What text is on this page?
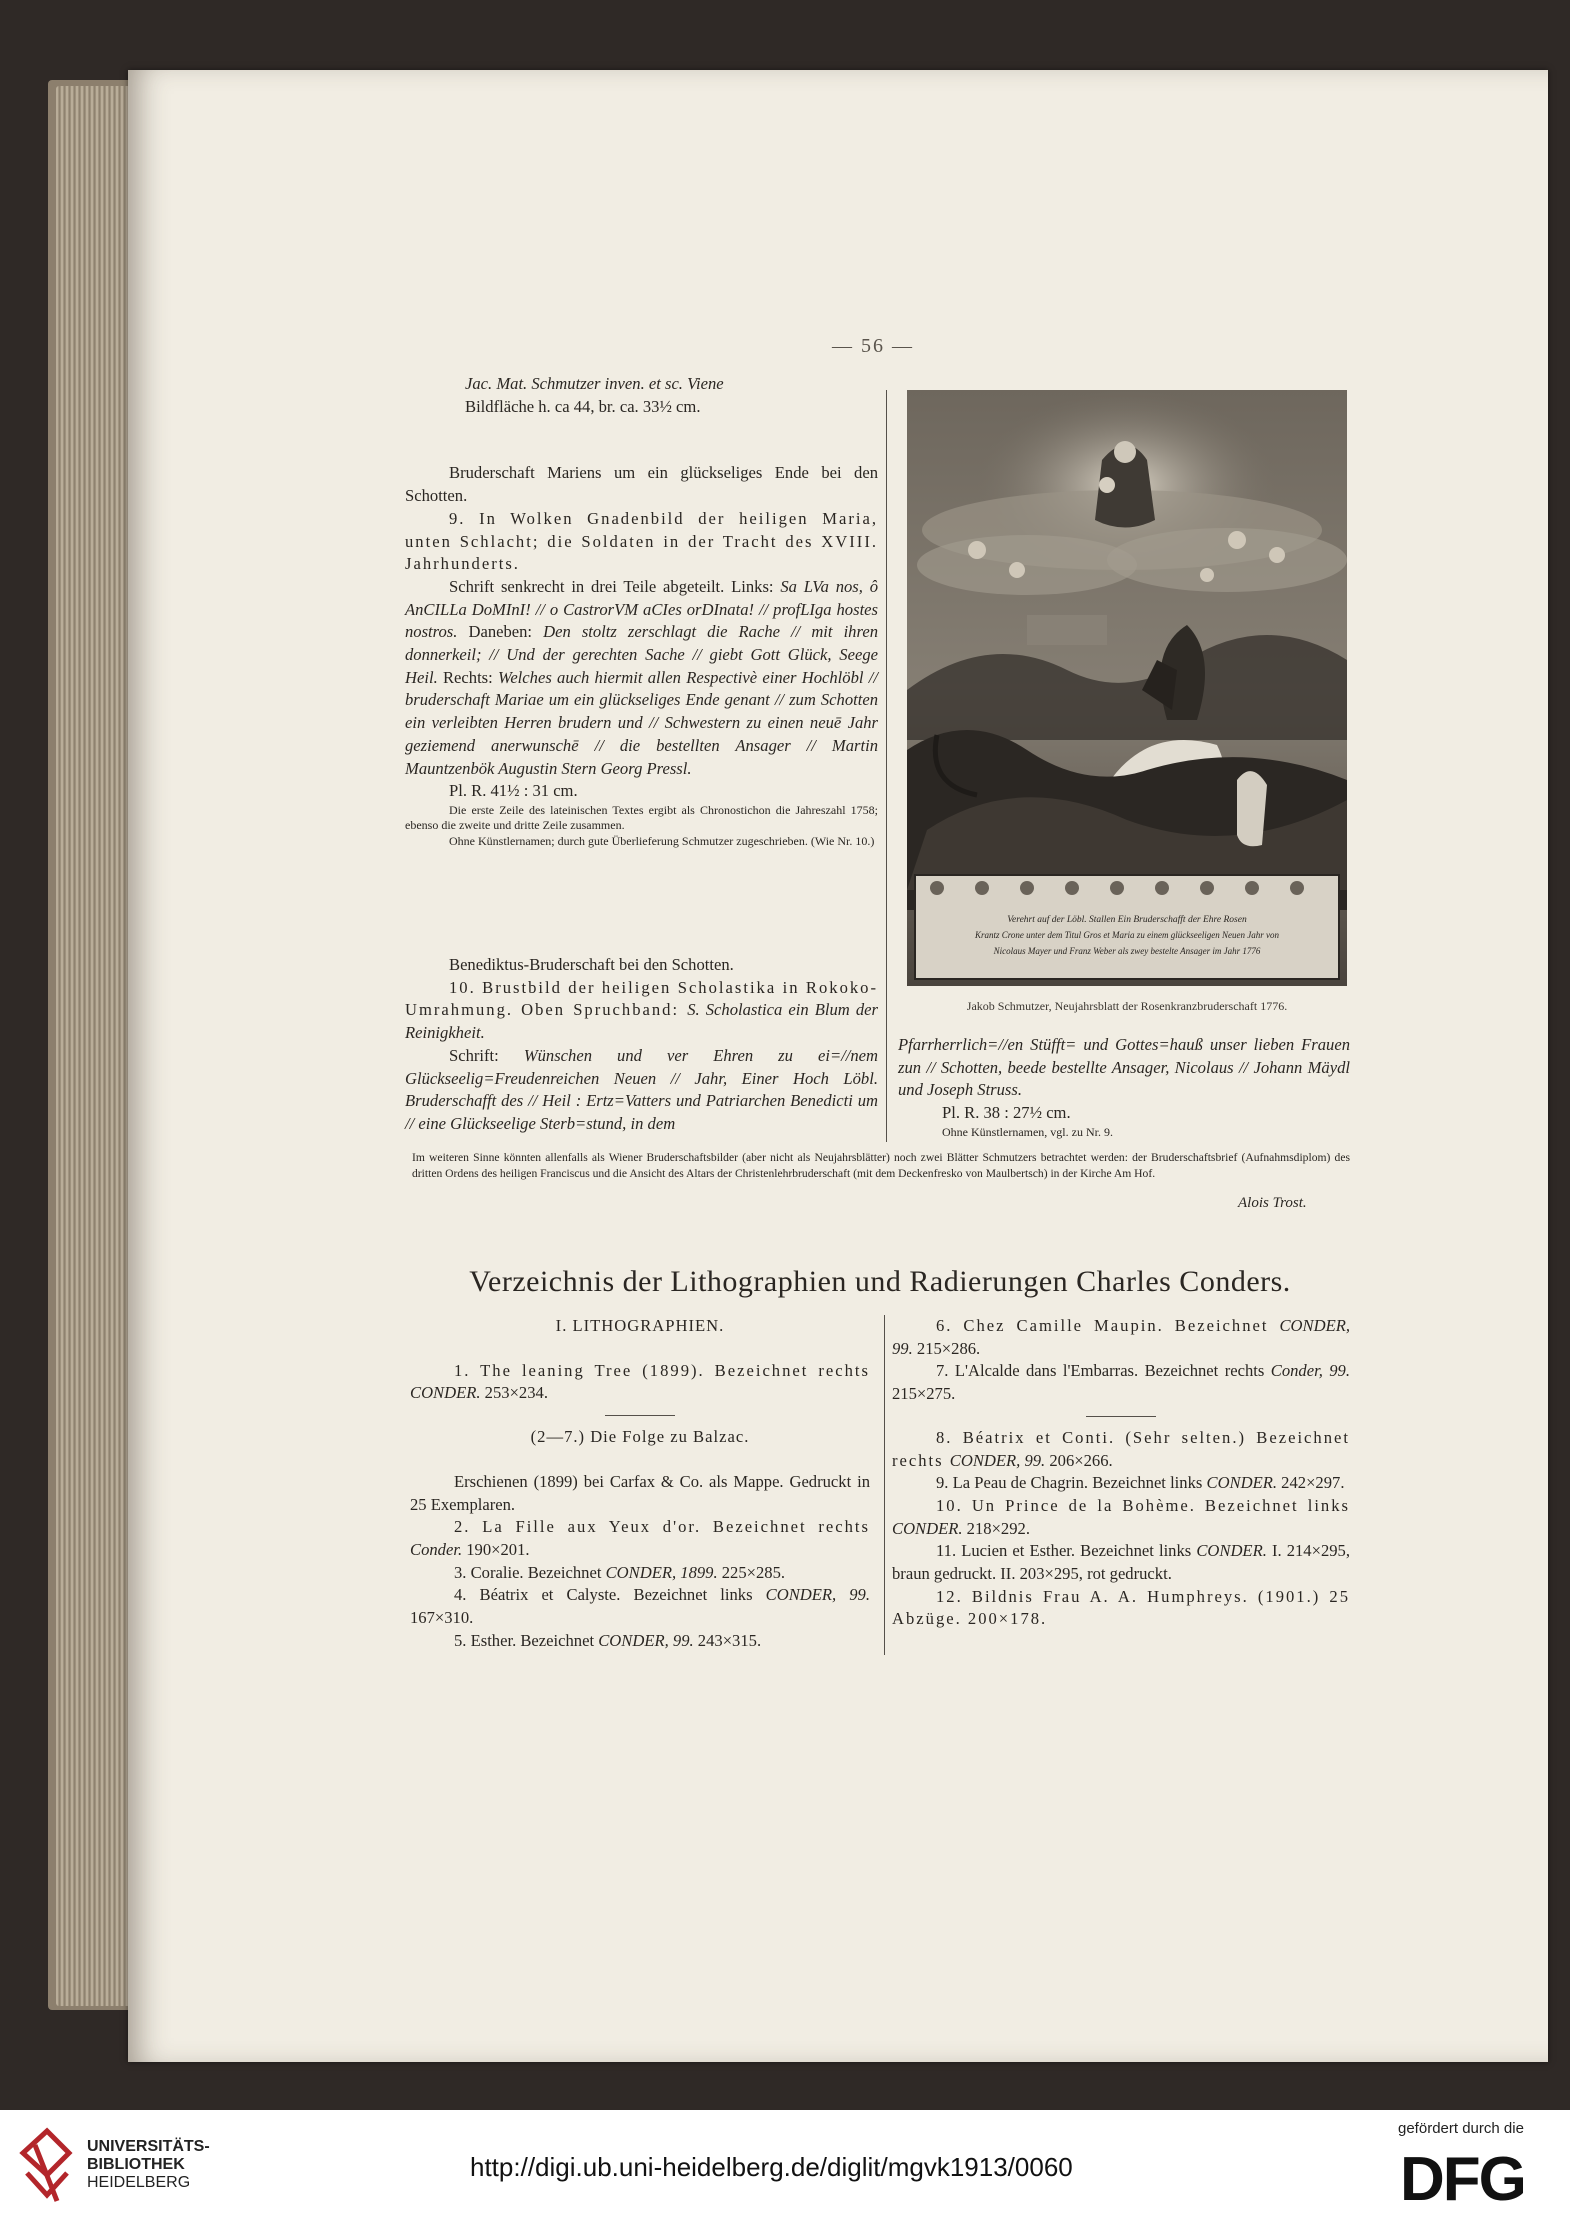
— 56 —

Jac. Mat. Schmutzer inven. et sc. Viene

Bildfläche h. ca 44, br. ca. 33½ cm.

Bruderschaft Mariens um ein glückseliges Ende bei den Schotten.

9. In Wolken Gnadenbild der heiligen Maria, unten Schlacht; die Soldaten in der Tracht des XVIII. Jahrhunderts.

Schrift senkrecht in drei Teile abgeteilt. Links: Sa LVa nos, ô AnCILLa DoMInI! // o CastrorVM aCIes orDInata! // profLIga hostes nostros. Daneben: Den stoltz zerschlagt die Rache // mit ihren donnerkeil; // Und der gerechten Sache // giebt Gott Glück, Seege Heil. Rechts: Welches auch hiermit allen Respectivè einer Hochlöbl // bruderschaft Mariae um ein glückseliges Ende genant // zum Schotten ein verleibten Herren brudern und // Schwestern zu einen neuē Jahr geziemend anerwunschē // die bestellten Ansager // Martin Mauntzenbök Augustin Stern Georg Pressl.

Pl. R. 41½ : 31 cm.

Die erste Zeile des lateinischen Textes ergibt als Chronostichon die Jahreszahl 1758; ebenso die zweite und dritte Zeile zusammen.

Ohne Künstlernamen; durch gute Überlieferung Schmutzer zugeschrieben. (Wie Nr. 10.)

Benediktus-Bruderschaft bei den Schotten.

10. Brustbild der heiligen Scholastika in Rokoko-Umrahmung. Oben Spruchband: S. Scholastica ein Blum der Reinigkheit.

Schrift: Wünschen und ver Ehren zu ei=//nem Glückseelig=Freudenreichen Neuen // Jahr, Einer Hoch Löbl. Bruderschafft des // Heil : Ertz=Vatters und Patriarchen Benedicti um // eine Glückseelige Sterb=stund, in dem

Verehrt auf der Löbl. Stallen Ein Bruderschafft der Ehre Rosen
Krantz Crone unter dem Titul Gros et Maria zu einem glückseeligen Neuen Jahr von
Nicolaus Mayer und Franz Weber als zwey bestelte Ansager im Jahr 1776
Jakob Schmutzer, Neujahrsblatt der Rosenkranzbruderschaft 1776.

Pfarrherrlich=//en Stüfft= und Gottes=hauß unser lieben Frauen zun // Schotten, beede bestellte Ansager, Nicolaus // Johann Mäydl und Joseph Struss.

Pl. R. 38 : 27½ cm.

Ohne Künstlernamen, vgl. zu Nr. 9.

Im weiteren Sinne könnten allenfalls als Wiener Bruderschaftsbilder (aber nicht als Neujahrsblätter) noch zwei Blätter Schmutzers betrachtet werden: der Bruderschaftsbrief (Aufnahmsdiplom) des dritten Ordens des heiligen Franciscus und die Ansicht des Altars der Christenlehrbruderschaft (mit dem Deckenfresko von Maulbertsch) in der Kirche Am Hof.
Alois Trost.
Verzeichnis der Lithographien und Radierungen Charles Conders.

I. LITHOGRAPHIEN.

1. The leaning Tree (1899). Bezeichnet rechts CONDER. 253×234.

(2—7.) Die Folge zu Balzac.

Erschienen (1899) bei Carfax & Co. als Mappe. Gedruckt in 25 Exemplaren.

2. La Fille aux Yeux d'or. Bezeichnet rechts Conder. 190×201.

3. Coralie. Bezeichnet CONDER, 1899. 225×285.

4. Béatrix et Calyste. Bezeichnet links CONDER, 99. 167×310.

5. Esther. Bezeichnet CONDER, 99. 243×315.

6. Chez Camille Maupin. Bezeichnet CONDER, 99. 215×286.

7. L'Alcalde dans l'Embarras. Bezeichnet rechts Conder, 99. 215×275.

8. Béatrix et Conti. (Sehr selten.) Bezeichnet rechts CONDER, 99. 206×266.

9. La Peau de Chagrin. Bezeichnet links CONDER. 242×297.

10. Un Prince de la Bohème. Bezeichnet links CONDER. 218×292.

11. Lucien et Esther. Bezeichnet links CONDER. I. 214×295, braun gedruckt. II. 203×295, rot gedruckt.

12. Bildnis Frau A. A. Humphreys. (1901.) 25 Abzüge. 200×178.

UNIVERSITÄTS-
BIBLIOTHEK
HEIDELBERG
http://digi.ub.uni-heidelberg.de/diglit/mgvk1913/0060
gefördert durch die
DFG
